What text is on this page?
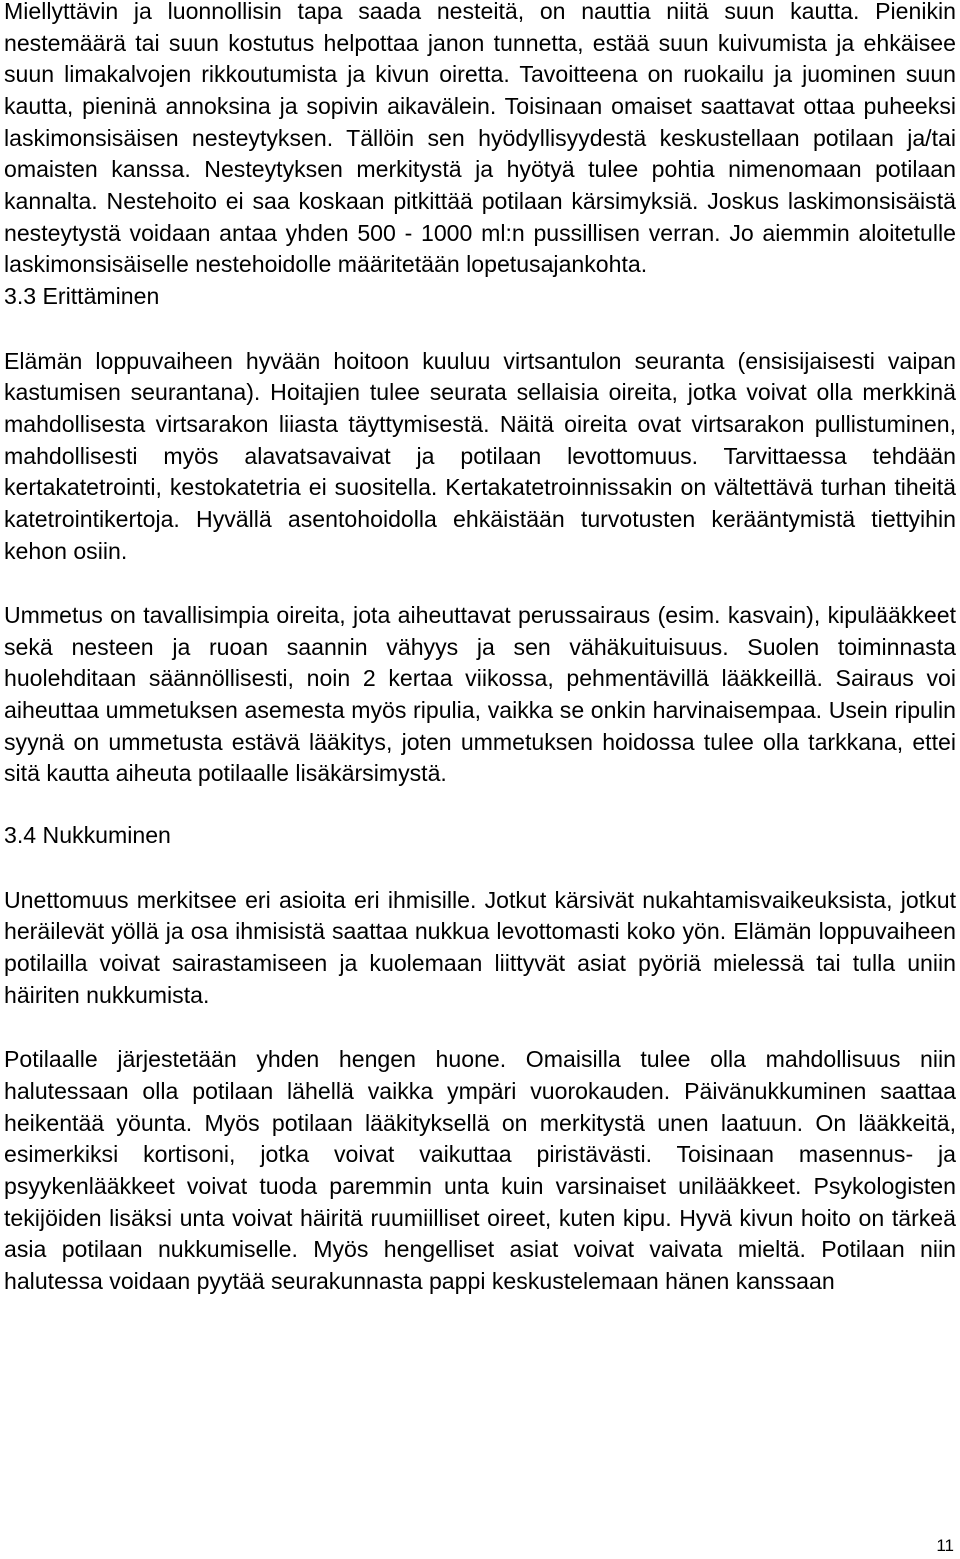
Miellyttävin ja luonnollisin tapa saada nesteitä, on nauttia niitä suun kautta. Pienikin nestemäärä tai suun kostutus helpottaa janon tunnetta, estää suun kuivumista ja ehkäisee suun limakalvojen rikkoutumista ja kivun oiretta. Tavoitteena on ruokailu ja juominen suun kautta, pieninä annoksina ja sopivin aikavälein. Toisinaan omaiset saattavat ottaa puheeksi laskimonsisäisen nesteytyksen. Tällöin sen hyödyllisyydestä keskustellaan potilaan ja/tai omaisten kanssa. Nesteytyksen merkitystä ja hyötyä tulee pohtia nimenomaan potilaan kannalta. Nestehoito ei saa koskaan pitkittää potilaan kärsimyksiä. Joskus laskimonsisäistä nesteytystä voidaan antaa yhden 500 - 1000 ml:n pussillisen verran. Jo aiemmin aloitetulle laskimonsisäiselle nestehoidolle määritetään lopetusajankohta.

3.3 Erittäminen

Elämän loppuvaiheen hyvään hoitoon kuuluu virtsantulon seuranta (ensisijaisesti vaipan kastumisen seurantana). Hoitajien tulee seurata sellaisia oireita, jotka voivat olla merkkinä mahdollisesta virtsarakon liiasta täyttymisestä. Näitä oireita ovat virtsarakon pullistuminen, mahdollisesti myös alavatsavaivat ja potilaan levottomuus. Tarvittaessa tehdään kertakatetrointi, kestokatetria ei suositella. Kertakatetroinnissakin on vältettävä turhan tiheitä katetrointikertoja. Hyvällä asentohoidolla ehkäistään turvotusten kerääntymistä tiettyihin kehon osiin.

Ummetus on tavallisimpia oireita, jota aiheuttavat perussairaus (esim. kasvain), kipulääkkeet sekä nesteen ja ruoan saannin vähyys ja sen vähäkuituisuus. Suolen toiminnasta huolehditaan säännöllisesti, noin 2 kertaa viikossa, pehmentävillä lääkkeillä. Sairaus voi aiheuttaa ummetuksen asemesta myös ripulia, vaikka se onkin harvinaisempaa. Usein ripulin syynä on ummetusta estävä lääkitys, joten ummetuksen hoidossa tulee olla tarkkana, ettei sitä kautta aiheuta potilaalle lisäkärsimystä.

3.4 Nukkuminen

Unettomuus merkitsee eri asioita eri ihmisille. Jotkut kärsivät nukahtamisvaikeuksista, jotkut heräilevät yöllä ja osa ihmisistä saattaa nukkua levottomasti koko yön. Elämän loppuvaiheen potilailla voivat sairastamiseen ja kuolemaan liittyvät asiat pyöriä mielessä tai tulla uniin häiriten nukkumista.

Potilaalle järjestetään yhden hengen huone. Omaisilla tulee olla mahdollisuus niin halutessaan olla potilaan lähellä vaikka ympäri vuorokauden. Päivänukkuminen saattaa heikentää yöunta. Myös potilaan lääkityksellä on merkitystä unen laatuun. On lääkkeitä, esimerkiksi kortisoni, jotka voivat vaikuttaa piristävästi. Toisinaan masennus- ja psyykenlääkkeet voivat tuoda paremmin unta kuin varsinaiset unilääkkeet. Psykologisten tekijöiden lisäksi unta voivat häiritä ruumiilliset oireet, kuten kipu. Hyvä kivun hoito on tärkeä asia potilaan nukkumiselle. Myös hengelliset asiat voivat vaivata mieltä. Potilaan niin halutessa voidaan pyytää seurakunnasta pappi keskustelemaan hänen kanssaan

11
